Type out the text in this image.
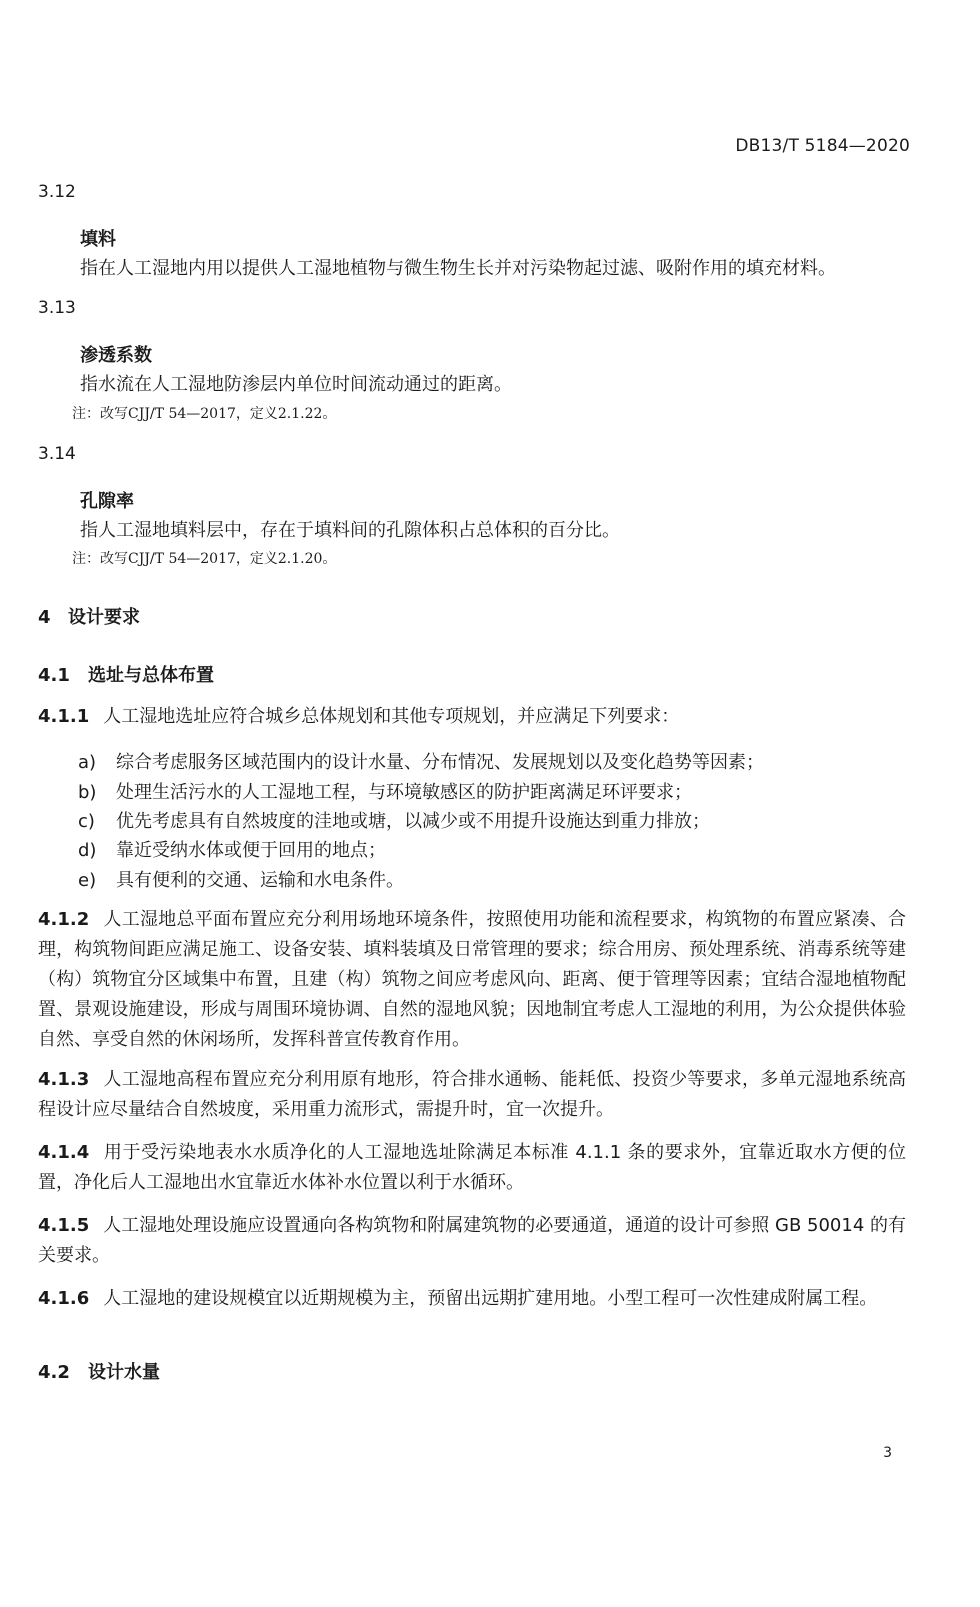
DB13/T 5184—2020

3.12

填料

指在人工湿地内用以提供人工湿地植物与微生物生长并对污染物起过滤、吸附作用的填充材料。

3.13

渗透系数

指水流在人工湿地防渗层内单位时间流动通过的距离。

注：改写CJJ/T 54—2017，定义2.1.22。

3.14

孔隙率

指人工湿地填料层中，存在于填料间的孔隙体积占总体积的百分比。

注：改写CJJ/T 54—2017，定义2.1.20。

4 设计要求

4.1 选址与总体布置

4.1.1 人工湿地选址应符合城乡总体规划和其他专项规划，并应满足下列要求：

a) 综合考虑服务区域范围内的设计水量、分布情况、发展规划以及变化趋势等因素；

b) 处理生活污水的人工湿地工程，与环境敏感区的防护距离满足环评要求；

c) 优先考虑具有自然坡度的洼地或塘，以减少或不用提升设施达到重力排放；

d) 靠近受纳水体或便于回用的地点；

e) 具有便利的交通、运输和水电条件。

4.1.2 人工湿地总平面布置应充分利用场地环境条件，按照使用功能和流程要求，构筑物的布置应紧凑、合理，构筑物间距应满足施工、设备安装、填料装填及日常管理的要求；综合用房、预处理系统、消毒系统等建（构）筑物宜分区域集中布置，且建（构）筑物之间应考虑风向、距离、便于管理等因素；宜结合湿地植物配置、景观设施建设，形成与周围环境协调、自然的湿地风貌；因地制宜考虑人工湿地的利用，为公众提供体验自然、享受自然的休闲场所，发挥科普宣传教育作用。

4.1.3 人工湿地高程布置应充分利用原有地形，符合排水通畅、能耗低、投资少等要求，多单元湿地系统高程设计应尽量结合自然坡度，采用重力流形式，需提升时，宜一次提升。

4.1.4 用于受污染地表水水质净化的人工湿地选址除满足本标准 4.1.1 条的要求外，宜靠近取水方便的位置，净化后人工湿地出水宜靠近水体补水位置以利于水循环。

4.1.5 人工湿地处理设施应设置通向各构筑物和附属建筑物的必要通道，通道的设计可参照 GB 50014 的有关要求。

4.1.6 人工湿地的建设规模宜以近期规模为主，预留出远期扩建用地。小型工程可一次性建成附属工程。

4.2 设计水量

3
